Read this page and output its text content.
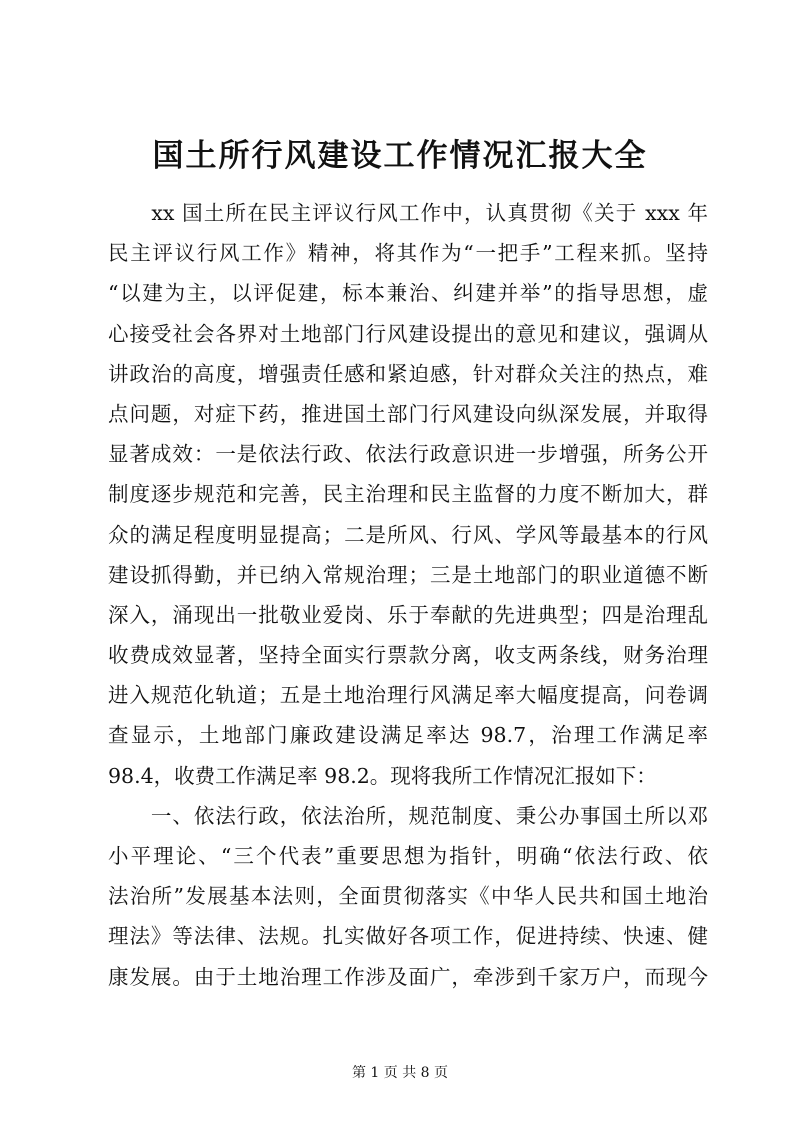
国土所行风建设工作情况汇报大全
　　xx 国土所在民主评议行风工作中，认真贯彻《关于 xxx 年
民主评议行风工作》精神，将其作为“一把手”工程来抓。坚持
“以建为主，以评促建，标本兼治、纠建并举”的指导思想，虚
心接受社会各界对土地部门行风建设提出的意见和建议，强调从
讲政治的高度，增强责任感和紧迫感，针对群众关注的热点，难
点问题，对症下药，推进国土部门行风建设向纵深发展，并取得
显著成效：一是依法行政、依法行政意识进一步增强，所务公开
制度逐步规范和完善，民主治理和民主监督的力度不断加大，群
众的满足程度明显提高；二是所风、行风、学风等最基本的行风
建设抓得勤，并已纳入常规治理；三是土地部门的职业道德不断
深入，涌现出一批敬业爱岗、乐于奉献的先进典型；四是治理乱
收费成效显著，坚持全面实行票款分离，收支两条线，财务治理
进入规范化轨道；五是土地治理行风满足率大幅度提高，问卷调
查显示，土地部门廉政建设满足率达 98.7，治理工作满足率
98.4，收费工作满足率 98.2。现将我所工作情况汇报如下：
　　一、依法行政，依法治所，规范制度、秉公办事国土所以邓
小平理论、“三个代表”重要思想为指针，明确“依法行政、依
法治所”发展基本法则，全面贯彻落实《中华人民共和国土地治
理法》等法律、法规。扎实做好各项工作，促进持续、快速、健
康发展。由于土地治理工作涉及面广，牵涉到千家万户，而现今
第 1 页 共 8 页
